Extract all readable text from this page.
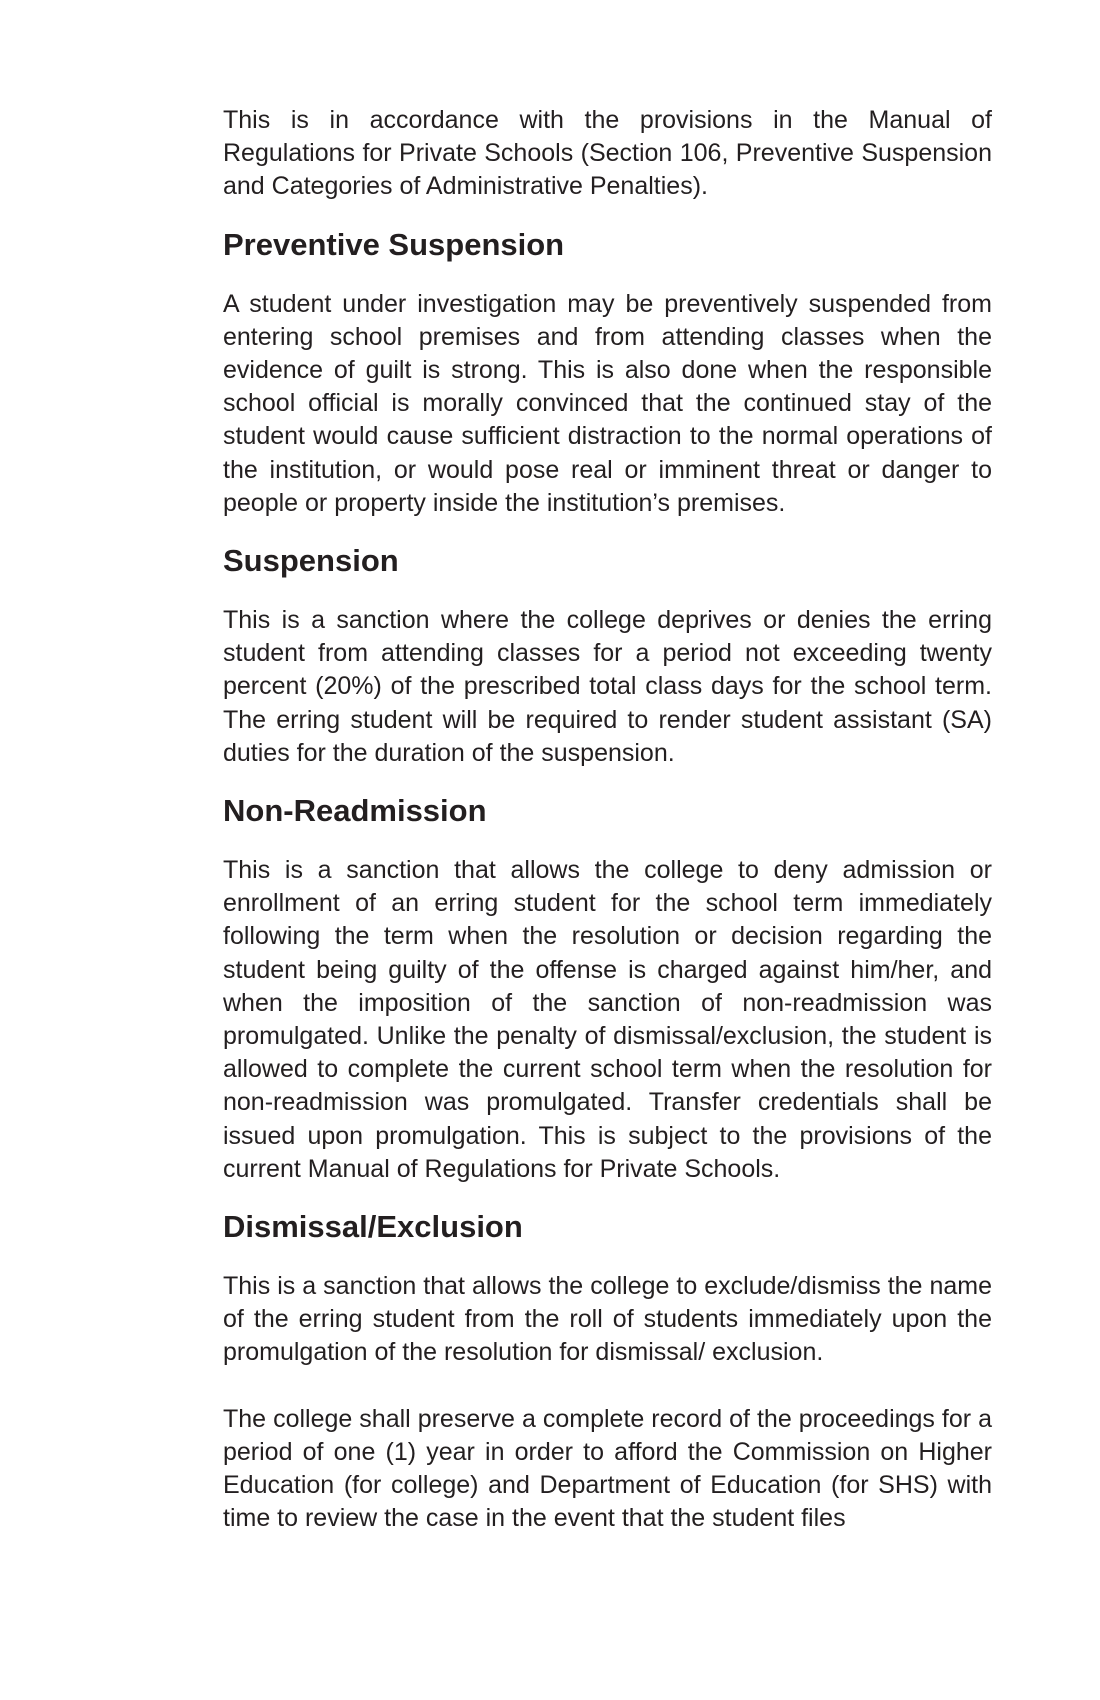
This is in accordance with the provisions in the Manual of Regulations for Private Schools (Section 106, Preventive Suspension and Categories of Administrative Penalties).

Preventive Suspension

A student under investigation may be preventively suspended from entering school premises and from attending classes when the evidence of guilt is strong. This is also done when the responsible school official is morally convinced that the continued stay of the student would cause sufficient distraction to the normal operations of the institution, or would pose real or imminent threat or danger to people or property inside the institution’s premises.

Suspension

This is a sanction where the college deprives or denies the erring student from attending classes for a period not exceeding twenty percent (20%) of the prescribed total class days for the school term. The erring student will be required to render student assistant (SA) duties for the duration of the suspension.

Non-Readmission

This is a sanction that allows the college to deny admission or enrollment of an erring student for the school term immediately following the term when the resolution or decision regarding the student being guilty of the offense is charged against him/her, and when the imposition of the sanction of non-readmission was promulgated. Unlike the penalty of dismissal/exclusion, the student is allowed to complete the current school term when the resolution for non-readmission was promulgated. Transfer credentials shall be issued upon promulgation. This is subject to the provisions of the current Manual of Regulations for Private Schools.

Dismissal/Exclusion

This is a sanction that allows the college to exclude/dismiss the name of the erring student from the roll of students immediately upon the promulgation of the resolution for dismissal/ exclusion.

The college shall preserve a complete record of the proceedings for a period of one (1) year in order to afford the Commission on Higher Education (for college) and Department of Education (for SHS) with time to review the case in the event that the student files
